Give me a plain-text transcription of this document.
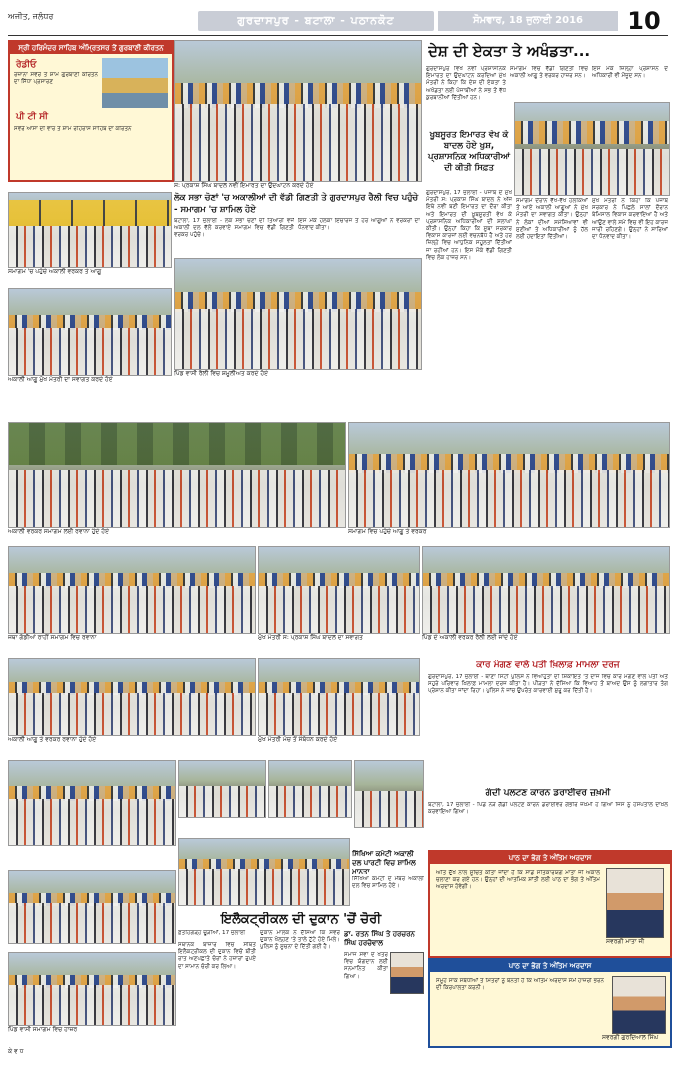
ਅਜੀਤ, ਜਲੰਧਰ	ਗੁਰਦਾਸਪੁਰ - ਬਟਾਲਾ - ਪਠਾਨਕੋਟ	ਸੋਮਵਾਰ, 18 ਜੁਲਾਈ 2016	10
ਸ੍ਰੀ ਹਰਿਮੰਦਰ ਸਾਹਿਬ ਅੰਮ੍ਰਿਤਸਰ ਤੋਂ ਗੁਰਬਾਣੀ ਕੀਰਤਨ
ਰੇਡੀਓ
ਪੀ ਟੀ ਸੀ
ਰੋਜ਼ਾਨਾ ਸਵੇਰੇ ਤੇ ਸ਼ਾਮ ਗੁਰਬਾਣੀ ਕੀਰਤਨ ਦਾ ਸਿੱਧਾ ਪ੍ਰਸਾਰਣ
ਸਵੇਰੇ ਆਸਾ ਦੀ ਵਾਰ ਤੇ ਸ਼ਾਮ ਰਹਿਰਾਸ ਸਾਹਿਬ ਦਾ ਕੀਰਤਨ
ਸ: ਪ੍ਰਕਾਸ਼ ਸਿੰਘ ਬਾਦਲ ਨਵੀਂ ਇਮਾਰਤ ਦਾ ਉਦਘਾਟਨ ਕਰਦੇ ਹੋਏ
ਦੇਸ਼ ਦੀ ਏਕਤਾ ਤੇ ਅਖੰਡਤਾ...
ਗੁਰਦਾਸਪੁਰ ਵਿਖੇ ਨਵੀਂ ਪ੍ਰਸ਼ਾਸਨਿਕ ਇਮਾਰਤ ਦਾ ਉਦਘਾਟਨ ਕਰਦਿਆਂ ਮੁੱਖ ਮੰਤਰੀ ਨੇ ਕਿਹਾ ਕਿ ਦੇਸ਼ ਦੀ ਏਕਤਾ ਤੇ ਅਖੰਡਤਾ ਲਈ ਪੰਜਾਬੀਆਂ ਨੇ ਸਭ ਤੋਂ ਵੱਧ ਕੁਰਬਾਨੀਆਂ ਦਿੱਤੀਆਂ ਹਨ।
ਸਮਾਗਮ ਵਿਚ ਵੱਡੀ ਗਿਣਤੀ ਵਿਚ ਅਕਾਲੀ ਆਗੂ ਤੇ ਵਰਕਰ ਹਾਜ਼ਰ ਸਨ।
ਇਸ ਮੌਕੇ ਜ਼ਿਲ੍ਹਾ ਪ੍ਰਸ਼ਾਸਨ ਦੇ ਅਧਿਕਾਰੀ ਵੀ ਮੌਜੂਦ ਸਨ।
ਖੂਬਸੂਰਤ ਇਮਾਰਤ ਵੇਖ ਕੇ ਬਾਦਲ ਹੋਏ ਖੁਸ਼, ਪ੍ਰਸ਼ਾਸਨਿਕ ਅਧਿਕਾਰੀਆਂ ਦੀ ਕੀਤੀ ਸਿਫ਼ਤ
ਗੁਰਦਾਸਪੁਰ, 17 ਜੁਲਾਈ - ਪੰਜਾਬ ਦੇ ਮੁੱਖ ਮੰਤਰੀ ਸ: ਪ੍ਰਕਾਸ਼ ਸਿੰਘ ਬਾਦਲ ਨੇ ਅੱਜ ਇਥੇ ਨਵੀਂ ਬਣੀ ਇਮਾਰਤ ਦਾ ਦੌਰਾ ਕੀਤਾ ਅਤੇ ਇਮਾਰਤ ਦੀ ਖ਼ੂਬਸੂਰਤੀ ਵੇਖ ਕੇ ਪ੍ਰਸ਼ਾਸਨਿਕ ਅਧਿਕਾਰੀਆਂ ਦੀ ਸ਼ਲਾਘਾ ਕੀਤੀ। ਉਨ੍ਹਾਂ ਕਿਹਾ ਕਿ ਸੂਬਾ ਸਰਕਾਰ ਵਿਕਾਸ ਕਾਰਜਾਂ ਲਈ ਵਚਨਬੱਧ ਹੈ ਅਤੇ ਹਰ ਜ਼ਿਲ੍ਹੇ ਵਿਚ ਆਧੁਨਿਕ ਸਹੂਲਤਾਂ ਦਿੱਤੀਆਂ ਜਾ ਰਹੀਆਂ ਹਨ। ਇਸ ਮੌਕੇ ਵੱਡੀ ਗਿਣਤੀ ਵਿਚ ਲੋਕ ਹਾਜ਼ਰ ਸਨ।
ਸਮਾਗਮ ਦੌਰਾਨ ਵੱਖ-ਵੱਖ ਹਲਕਿਆਂ ਤੋਂ ਆਏ ਅਕਾਲੀ ਆਗੂਆਂ ਨੇ ਮੁੱਖ ਮੰਤਰੀ ਦਾ ਸਵਾਗਤ ਕੀਤਾ। ਉਨ੍ਹਾਂ ਨੇ ਲੋਕਾਂ ਦੀਆਂ ਸਮੱਸਿਆਵਾਂ ਵੀ ਸੁਣੀਆਂ ਤੇ ਅਧਿਕਾਰੀਆਂ ਨੂੰ ਹੱਲ ਲਈ ਹਦਾਇਤਾਂ ਦਿੱਤੀਆਂ।
ਮੁੱਖ ਮੰਤਰੀ ਨੇ ਕਿਹਾ ਕਿ ਪੰਜਾਬ ਸਰਕਾਰ ਨੇ ਪਿਛਲੇ ਸਾਲਾਂ ਦੌਰਾਨ ਬੇਮਿਸਾਲ ਵਿਕਾਸ ਕਰਵਾਇਆ ਹੈ ਅਤੇ ਆਉਣ ਵਾਲੇ ਸਮੇਂ ਵਿਚ ਵੀ ਇਹ ਕਾਰਜ ਜਾਰੀ ਰਹਿਣਗੇ। ਉਨ੍ਹਾਂ ਨੇ ਸਾਰਿਆਂ ਦਾ ਧੰਨਵਾਦ ਕੀਤਾ।
ਸਮਾਗਮ 'ਚ ਪਹੁੰਚੇ ਅਕਾਲੀ ਵਰਕਰ ਤੇ ਆਗੂ
ਲੋਕ ਸਭਾ ਚੋਣਾਂ 'ਚ ਅਕਾਲੀਆਂ ਦੀ ਵੱਡੀ ਗਿਣਤੀ ਤੇ ਗੁਰਦਾਸਪੁਰ ਰੈਲੀ ਵਿਚ ਪਹੁੰਚੇ - ਸਮਾਗਮ 'ਚ ਸ਼ਾਮਿਲ ਹੋਏ
ਬਟਾਲਾ, 17 ਜੁਲਾਈ - ਲੋਕ ਸਭਾ ਚੋਣਾਂ ਦੀ ਤਿਆਰੀ ਵਜੋਂ ਅਕਾਲੀ ਦਲ ਵੱਲੋਂ ਕਰਵਾਏ ਸਮਾਗਮ ਵਿਚ ਵੱਡੀ ਗਿਣਤੀ ਵਰਕਰ ਪਹੁੰਚੇ।
ਇਸ ਮੌਕੇ ਹਲਕਾ ਇੰਚਾਰਜ ਤੇ ਹੋਰ ਆਗੂਆਂ ਨੇ ਵਰਕਰਾਂ ਦਾ ਧੰਨਵਾਦ ਕੀਤਾ।
ਅਕਾਲੀ ਆਗੂ ਮੁੱਖ ਮੰਤਰੀ ਦਾ ਸਵਾਗਤ ਕਰਦੇ ਹੋਏ
ਪਿੰਡ ਵਾਸੀ ਰੈਲੀ ਵਿਚ ਸ਼ਮੂਲੀਅਤ ਕਰਦੇ ਹੋਏ
ਅਕਾਲੀ ਵਰਕਰ ਸਮਾਗਮ ਲਈ ਰਵਾਨਾ ਹੁੰਦੇ ਹੋਏ	ਸਮਾਗਮ ਵਿਚ ਪਹੁੰਚੇ ਆਗੂ ਤੇ ਵਰਕਰ
ਜਥਾ ਗੱਡੀਆਂ ਰਾਹੀਂ ਸਮਾਗਮ ਵਿਚ ਰਵਾਨਾ	ਮੁੱਖ ਮੰਤਰੀ ਸ: ਪ੍ਰਕਾਸ਼ ਸਿੰਘ ਬਾਦਲ ਦਾ ਸਵਾਗਤ	ਪਿੰਡ ਦੇ ਅਕਾਲੀ ਵਰਕਰ ਰੈਲੀ ਲਈ ਜਾਂਦੇ ਹੋਏ
ਅਕਾਲੀ ਆਗੂ ਤੇ ਵਰਕਰ ਰਵਾਨਾ ਹੁੰਦੇ ਹੋਏ	ਮੁੱਖ ਮੰਤਰੀ ਮੰਚ ਤੋਂ ਸੰਬੋਧਨ ਕਰਦੇ ਹੋਏ
ਕਾਰ ਮੰਗਣ ਵਾਲੇ ਪਤੀ ਖ਼ਿਲਾਫ਼ ਮਾਮਲਾ ਦਰਜ
ਗੁਰਦਾਸਪੁਰ, 17 ਜੁਲਾਈ - ਥਾਣਾ ਸਿਟੀ ਪੁਲਿਸ ਨੇ ਵਿਆਹੁਤਾ ਦੀ ਸ਼ਿਕਾਇਤ 'ਤੇ ਦਾਜ ਵਿਚ ਕਾਰ ਮੰਗਣ ਵਾਲੇ ਪਤੀ ਅਤੇ ਸਹੁਰੇ ਪਰਿਵਾਰ ਖ਼ਿਲਾਫ਼ ਮਾਮਲਾ ਦਰਜ ਕੀਤਾ ਹੈ। ਪੀੜਤਾ ਨੇ ਦੱਸਿਆ ਕਿ ਵਿਆਹ ਤੋਂ ਬਾਅਦ ਉਸ ਨੂੰ ਲਗਾਤਾਰ ਤੰਗ ਪ੍ਰੇਸ਼ਾਨ ਕੀਤਾ ਜਾਂਦਾ ਰਿਹਾ। ਪੁਲਿਸ ਨੇ ਜਾਂਚ ਉਪਰੰਤ ਕਾਰਵਾਈ ਸ਼ੁਰੂ ਕਰ ਦਿੱਤੀ ਹੈ।
ਗੰਦੀ ਪਲਟਣ ਕਾਰਨ ਡਰਾਈਵਰ ਜ਼ਖ਼ਮੀ
ਬਟਾਲਾ, 17 ਜੁਲਾਈ - ਪਿੰਡ ਨੇੜੇ ਗੱਡੀ ਪਲਟਣ ਕਾਰਨ ਡਰਾਈਵਰ ਗੰਭੀਰ ਜ਼ਖ਼ਮੀ ਹੋ ਗਿਆ ਜਿਸ ਨੂੰ ਹਸਪਤਾਲ ਦਾਖ਼ਲ ਕਰਵਾਇਆ ਗਿਆ।
ਪਾਠ ਦਾ ਭੋਗ ਤੇ ਅੰਤਿਮ ਅਰਦਾਸ
ਸਵਰਗੀ ਮਾਤਾ ਜੀ
ਅਤਿ ਦੁੱਖ ਨਾਲ ਸੂਚਿਤ ਕੀਤਾ ਜਾਂਦਾ ਹੈ ਕਿ ਸਾਡੇ ਸਤਿਕਾਰਯੋਗ ਮਾਤਾ ਜੀ ਅਕਾਲ ਚਲਾਣਾ ਕਰ ਗਏ ਹਨ। ਉਨ੍ਹਾਂ ਦੀ ਆਤਮਿਕ ਸ਼ਾਂਤੀ ਲਈ ਪਾਠ ਦਾ ਭੋਗ ਤੇ ਅੰਤਿਮ ਅਰਦਾਸ ਹੋਵੇਗੀ।
ਪਾਠ ਦਾ ਭੋਗ ਤੇ ਅੰਤਿਮ ਅਰਦਾਸ
ਸਵਰਗੀ ਗੁਰਦਿਆਲ ਸਿੰਘ
ਸਮੂਹ ਸਾਕ ਸਬੰਧੀਆਂ ਤੇ ਮਿੱਤਰਾਂ ਨੂੰ ਬੇਨਤੀ ਹੈ ਕਿ ਅੰਤਿਮ ਅਰਦਾਸ ਸਮੇਂ ਹਾਜ਼ਰੀ ਭਰਨ ਦੀ ਕਿਰਪਾਲਤਾ ਕਰਨੀ।
ਸਿੱਖਿਆ ਕਮੇਟੀ ਅਕਾਲੀ ਦਲ ਪਾਰਟੀ ਵਿਚ ਸ਼ਾਮਿਲ ਮਾਨਤਾ
ਸਿੱਖਿਆ ਕਮੇਟੀ ਦੇ ਮੈਂਬਰ ਅਕਾਲੀ ਦਲ ਵਿਚ ਸ਼ਾਮਿਲ ਹੋਏ।
ਇਲੈਕਟ੍ਰੀਕਲ ਦੀ ਦੁਕਾਨ 'ਚੋਂ ਚੋਰੀ
ਫ਼ਤਹਿਗੜ੍ਹ ਚੂੜੀਆਂ, 17 ਜੁਲਾਈ
ਸਥਾਨਕ ਬਾਜ਼ਾਰ ਵਿਚ ਸਥਿਤ ਇਲੈਕਟ੍ਰੀਕਲ ਦੀ ਦੁਕਾਨ ਵਿਚੋਂ ਬੀਤੀ ਰਾਤ ਅਣਪਛਾਤੇ ਚੋਰਾਂ ਨੇ ਹਜ਼ਾਰਾਂ ਰੁਪਏ ਦਾ ਸਾਮਾਨ ਚੋਰੀ ਕਰ ਲਿਆ।
ਦੁਕਾਨ ਮਾਲਕ ਨੇ ਦੱਸਿਆ ਕਿ ਸਵੇਰੇ ਦੁਕਾਨ ਖੋਲ੍ਹਣ 'ਤੇ ਤਾਲੇ ਟੁੱਟੇ ਹੋਏ ਮਿਲੇ। ਪੁਲਿਸ ਨੂੰ ਸੂਚਨਾ ਦੇ ਦਿੱਤੀ ਗਈ ਹੈ।
ਡਾ. ਰਤਨ ਸਿੰਘ ਤੇ ਹਰਚਰਨ ਸਿੰਘ ਹਰਚੋਵਾਲ
ਸਮਾਜ ਸੇਵਾ ਦੇ ਖੇਤਰ ਵਿਚ ਯੋਗਦਾਨ ਲਈ ਸਨਮਾਨਿਤ ਕੀਤਾ ਗਿਆ।
ਪਿੰਡ ਵਾਸੀ ਸਮਾਗਮ ਵਿਚ ਹਾਜ਼ਰ
ਕੇ ਵ ਧ
